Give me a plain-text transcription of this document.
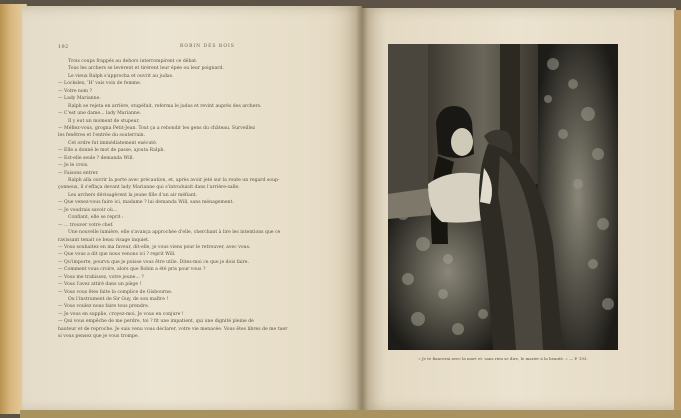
192	ROBIN DES BOIS
Trois coups frappés au dehors interrompirent ce débat.
Tous les archers se levèrent et tirèrent leur épée ou leur poignard.
Le vieux Ralph s'approcha et ouvrit au judas.
— Lockslex, 'H' vais voix de femme.
— Votre nom ?
— Lady Marianne.
Ralph se rejeta en arrière, stupéfait, referma le judas et revint auprès des archers.
— C'est une dame... lady Marianne.
Il y eut un moment de stupeur.
— Méfiez-vous, grogna Petit-Jean. Tout ça a rebondir les gens du château. Surveillez
les fenêtres et l'entrée du souterrain.
Cet ordre fut immédiatement exécuté.
— Elle a donné le mot de passe, ajouta Ralph.
— Est-elle seule ? demanda Will.
— Je le crois.
— Faisons entrer.
Ralph alla ouvrir la porte avec précaution, et, après avoir jeté sur la route un regard soup-
çonneux, il s'effaça devant lady Marianne qui s'introduisit dans l'arrière-salle.
Les archers dévisagèrent la jeune fille d'un air méfiant.
— Que venez-vous faire ici, madame ? lui demanda Will, sans ménagement.
— Je voudrais savoir où...
Confiant, elle se reprit :
— ... trouver votre chef.
Une nouvelle lumière, elle s'avança approchée d'elle, cherchant à lire les intentions que ce
ravissant tenait ce beau visage inquiet.
— Vous souhaitez en ma faveur, dit-elle, je vous viens pour le retrouver, avec vous.
— Que vous a dit que nous venons ici ? reprit Will.
— Qu'importe, pourvu que je puisse vous être utile. Dites-moi ce que je dois faire.
— Comment vous croire, alors que Robin a été pris pour vous ?
— Vous me trahissez, votre jeune... ?
— Vous l'avez attiré dans un piège !
— Vous vous êtes faite la complice de Gisbourne.
Ou l'instrument de Sir Guy, de son maître !
— Vous voulez nous faire tous prendre.
— Je vous en supplie, croyez-moi, Je vous en conjure !
— Qui vous empêche de me perdre, toi ? fit une impatient, qui une dignité pleine de
hauteur et de reproche. Je suis venu vous déclarer, votre vie menacée. Vous êtes libres de me tuer
si vous pensez que je vous trompe.
« Je te fiancerai avec la mort et, sans rien se dire, le marier à la beauté. » — P. 193.
